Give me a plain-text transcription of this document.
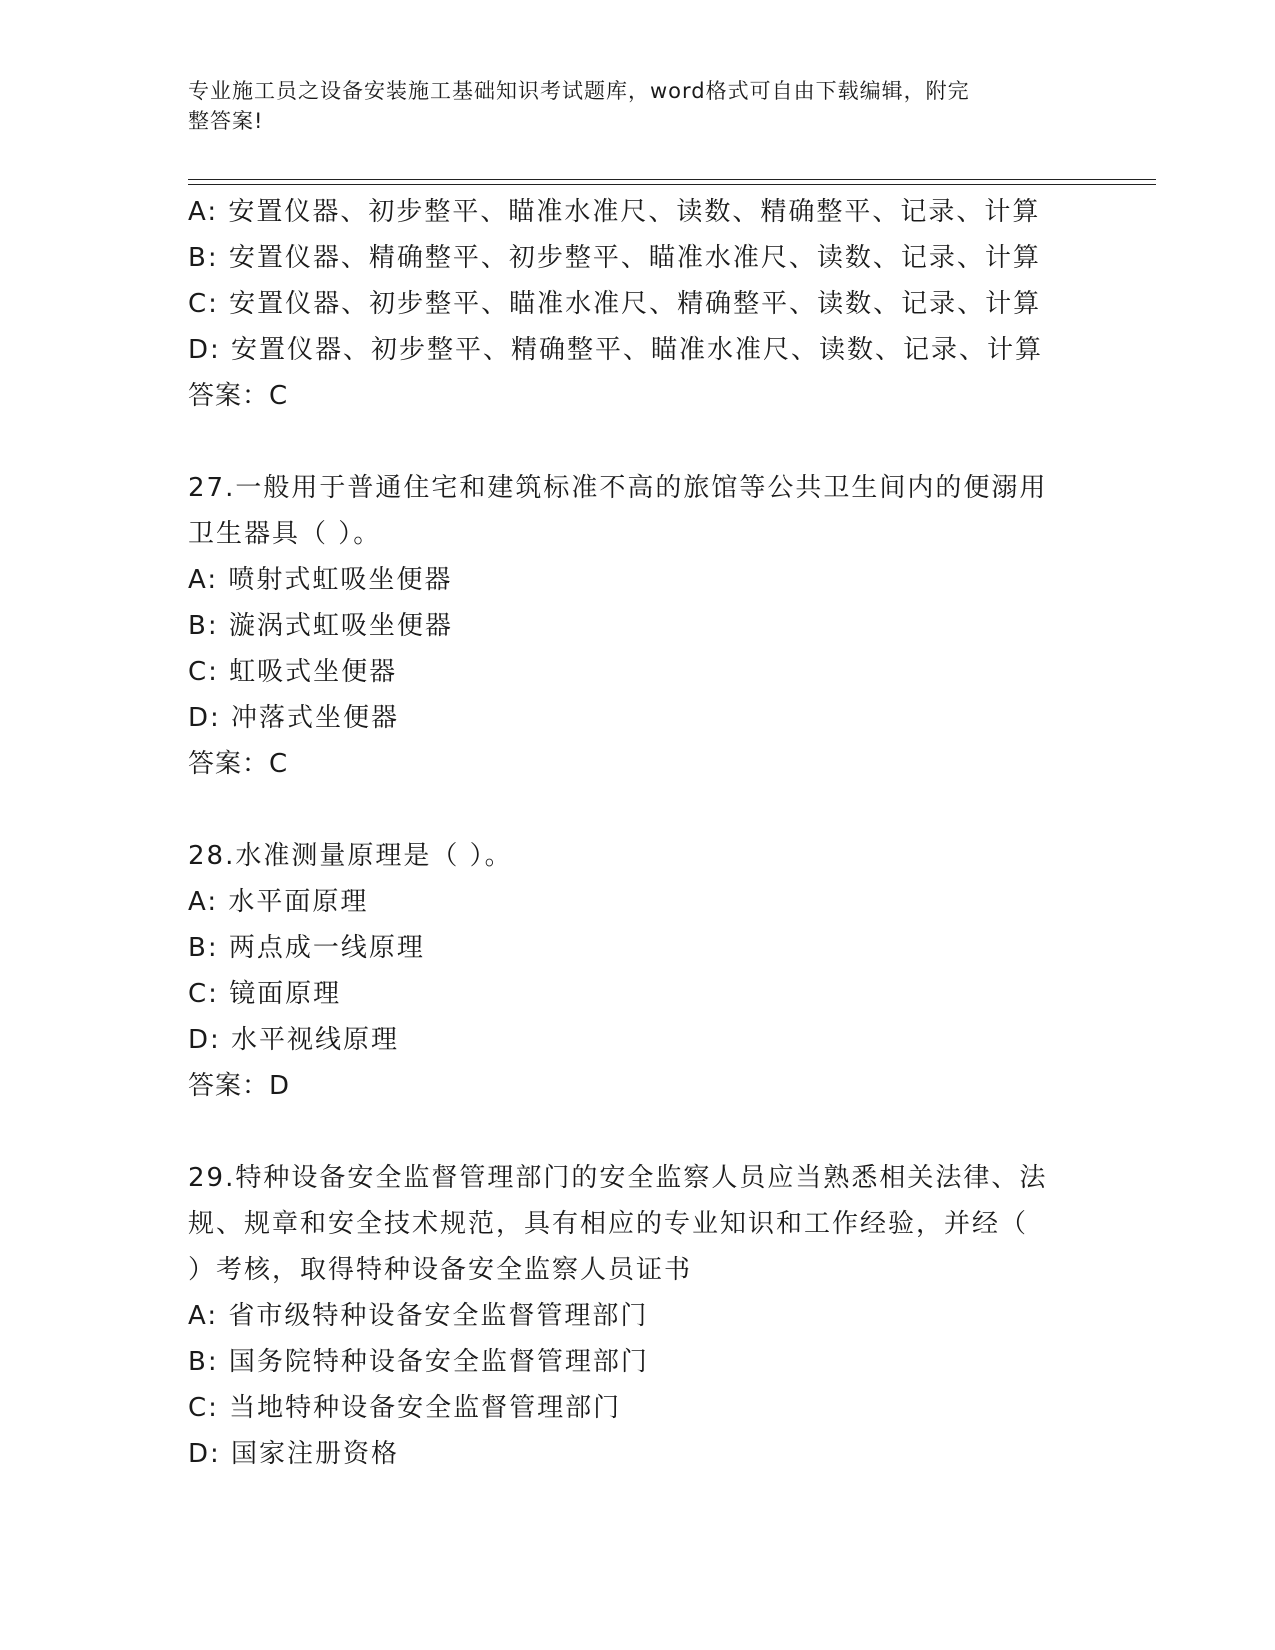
专业施工员之设备安装施工基础知识考试题库，word格式可自由下载编辑，附完
整答案!
A: 安置仪器、初步整平、瞄准水准尺、读数、精确整平、记录、计算
B: 安置仪器、精确整平、初步整平、瞄准水准尺、读数、记录、计算
C: 安置仪器、初步整平、瞄准水准尺、精确整平、读数、记录、计算
D: 安置仪器、初步整平、精确整平、瞄准水准尺、读数、记录、计算
答案：C
27.一般用于普通住宅和建筑标准不高的旅馆等公共卫生间内的便溺用
卫生器具（ ）。
A: 喷射式虹吸坐便器
B: 漩涡式虹吸坐便器
C: 虹吸式坐便器
D: 冲落式坐便器
答案：C
28.水准测量原理是（ ）。
A: 水平面原理
B: 两点成一线原理
C: 镜面原理
D: 水平视线原理
答案：D
29.特种设备安全监督管理部门的安全监察人员应当熟悉相关法律、法
规、规章和安全技术规范，具有相应的专业知识和工作经验，并经（
）考核，取得特种设备安全监察人员证书
A: 省市级特种设备安全监督管理部门
B: 国务院特种设备安全监督管理部门
C: 当地特种设备安全监督管理部门
D: 国家注册资格
